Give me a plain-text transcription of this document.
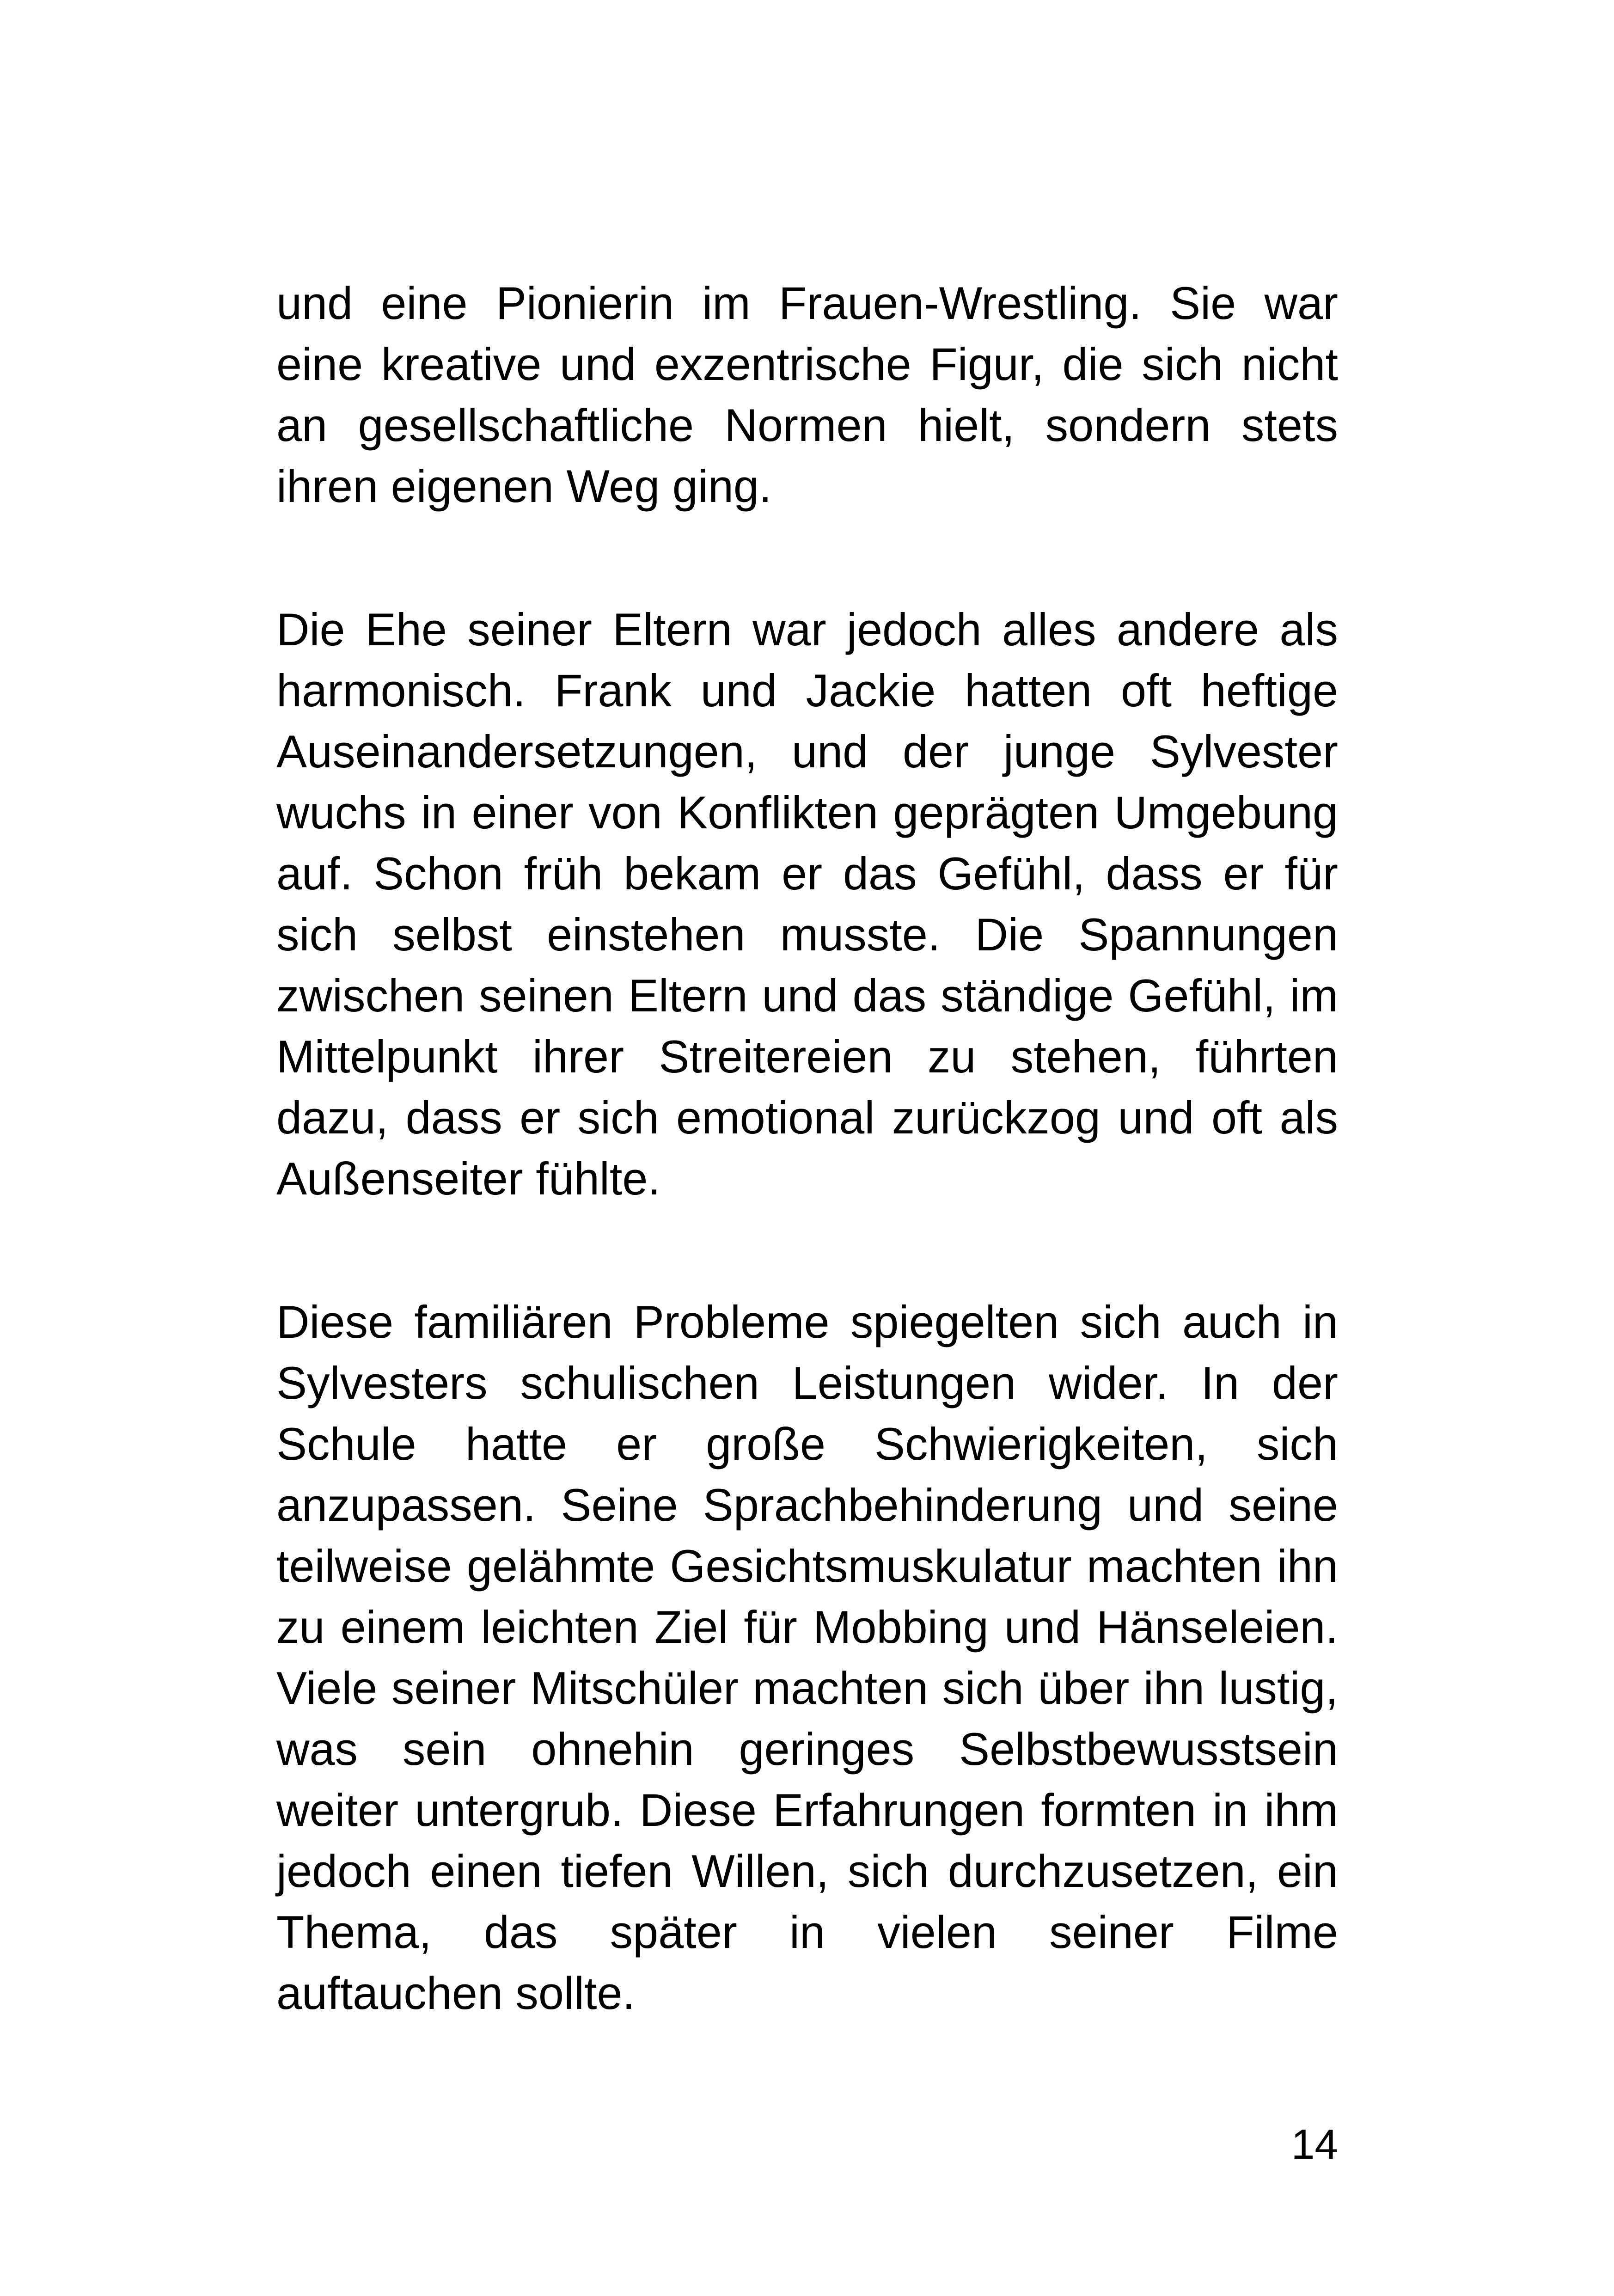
und eine Pionierin im Frauen-Wrestling. Sie war eine kreative und exzentrische Figur, die sich nicht an gesellschaftliche Normen hielt, sondern stets ihren eigenen Weg ging.

Die Ehe seiner Eltern war jedoch alles andere als harmonisch. Frank und Jackie hatten oft heftige Auseinandersetzungen, und der junge Sylvester wuchs in einer von Konflikten geprägten Umgebung auf. Schon früh bekam er das Gefühl, dass er für sich selbst einstehen musste. Die Spannungen zwischen seinen Eltern und das ständige Gefühl, im Mittelpunkt ihrer Streitereien zu stehen, führten dazu, dass er sich emotional zurückzog und oft als Außenseiter fühlte.

Diese familiären Probleme spiegelten sich auch in Sylvesters schulischen Leistungen wider. In der Schule hatte er große Schwierigkeiten, sich anzupassen. Seine Sprachbehinderung und seine teilweise gelähmte Gesichtsmuskulatur machten ihn zu einem leichten Ziel für Mobbing und Hänseleien. Viele seiner Mitschüler machten sich über ihn lustig, was sein ohnehin geringes Selbstbewusstsein weiter untergrub. Diese Erfahrungen formten in ihm jedoch einen tiefen Willen, sich durchzusetzen, ein Thema, das später in vielen seiner Filme auftauchen sollte.

14
